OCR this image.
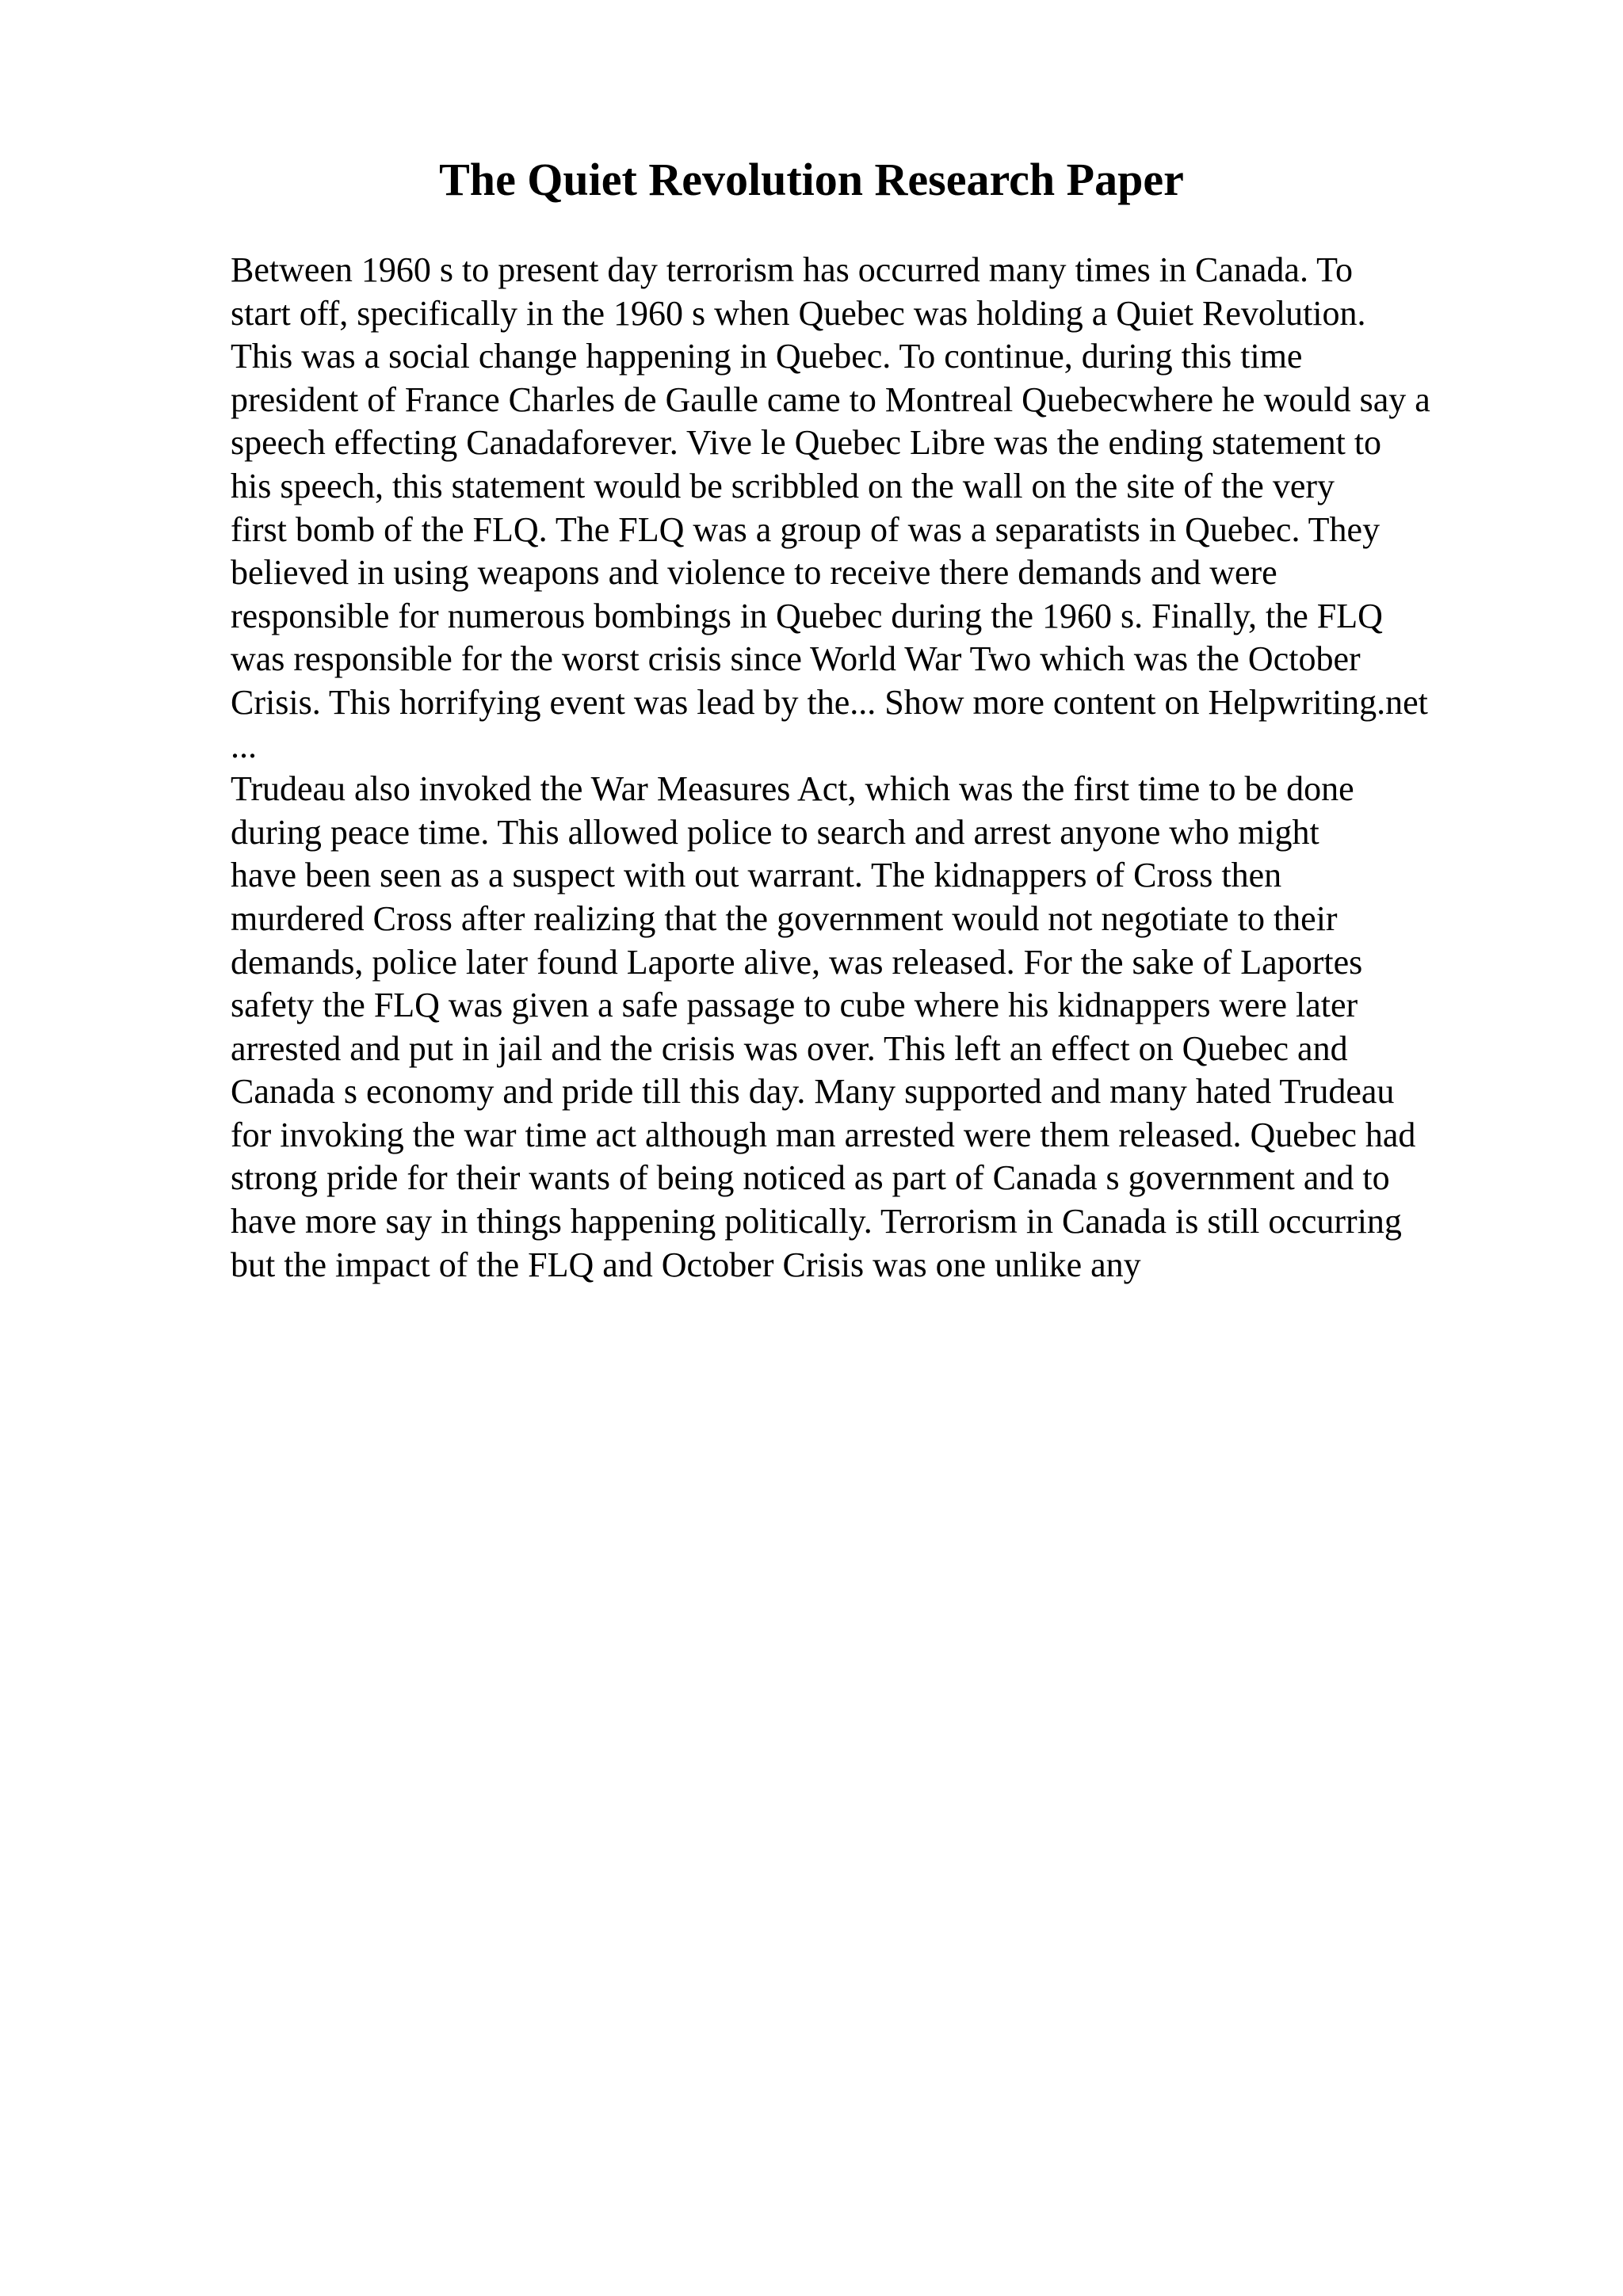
The Quiet Revolution Research Paper
Between 1960 s to present day terrorism has occurred many times in Canada. To
start off, specifically in the 1960 s when Quebec was holding a Quiet Revolution.
This was a social change happening in Quebec. To continue, during this time
president of France Charles de Gaulle came to Montreal Quebecwhere he would say a
speech effecting Canadaforever. Vive le Quebec Libre was the ending statement to
his speech, this statement would be scribbled on the wall on the site of the very
first bomb of the FLQ. The FLQ was a group of was a separatists in Quebec. They
believed in using weapons and violence to receive there demands and were
responsible for numerous bombings in Quebec during the 1960 s. Finally, the FLQ
was responsible for the worst crisis since World War Two which was the October
Crisis. This horrifying event was lead by the... Show more content on Helpwriting.net
...
Trudeau also invoked the War Measures Act, which was the first time to be done
during peace time. This allowed police to search and arrest anyone who might
have been seen as a suspect with out warrant. The kidnappers of Cross then
murdered Cross after realizing that the government would not negotiate to their
demands, police later found Laporte alive, was released. For the sake of Laportes
safety the FLQ was given a safe passage to cube where his kidnappers were later
arrested and put in jail and the crisis was over. This left an effect on Quebec and
Canada s economy and pride till this day. Many supported and many hated Trudeau
for invoking the war time act although man arrested were them released. Quebec had
strong pride for their wants of being noticed as part of Canada s government and to
have more say in things happening politically. Terrorism in Canada is still occurring
but the impact of the FLQ and October Crisis was one unlike any
